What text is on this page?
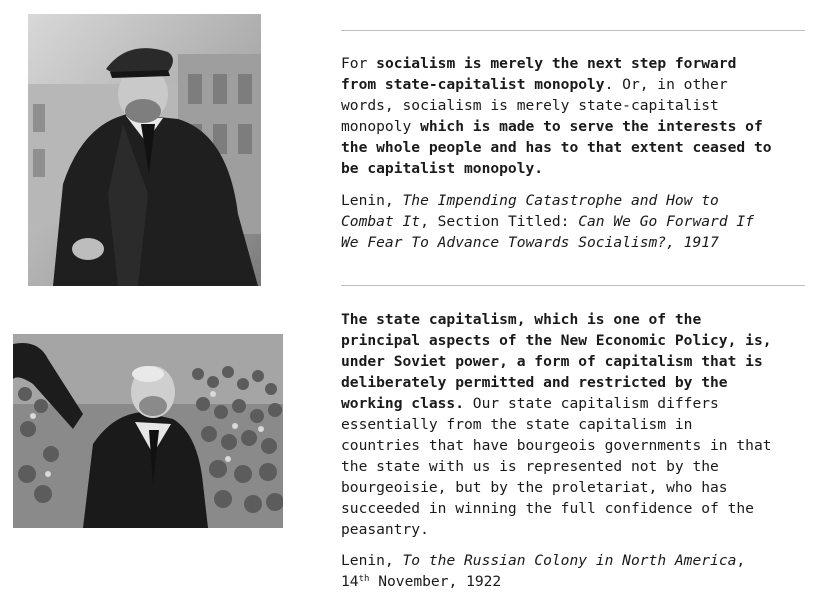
For socialism is merely the next step forward
from state-capitalist monopoly. Or, in other
words, socialism is merely state-capitalist
monopoly which is made to serve the interests of
the whole people and has to that extent ceased to
be capitalist monopoly.

Lenin, The Impending Catastrophe and How to
Combat It, Section Titled: Can We Go Forward If
We Fear To Advance Towards Socialism?, 1917

The state capitalism, which is one of the
principal aspects of the New Economic Policy, is,
under Soviet power, a form of capitalism that is
deliberately permitted and restricted by the
working class. Our state capitalism differs
essentially from the state capitalism in
countries that have bourgeois governments in that
the state with us is represented not by the
bourgeoisie, but by the proletariat, who has
succeeded in winning the full confidence of the
peasantry.

Lenin, To the Russian Colony in North America,
14th November, 1922
